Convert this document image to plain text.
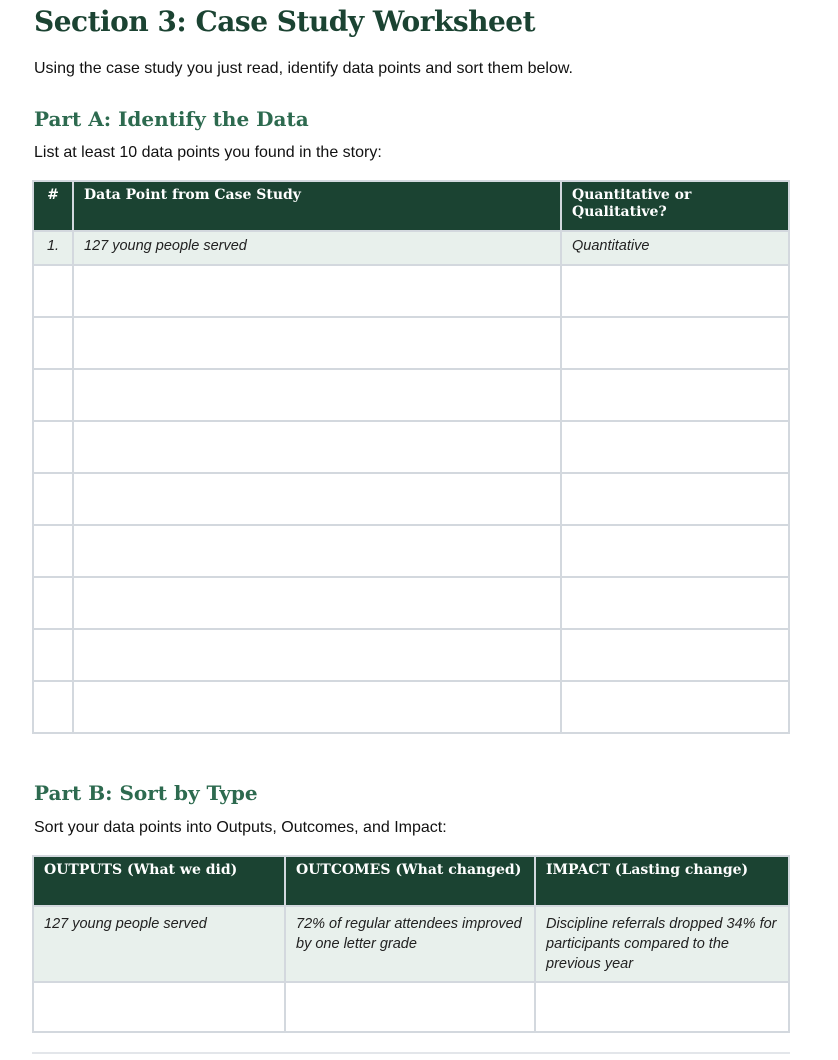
Section 3: Case Study Worksheet
Using the case study you just read, identify data points and sort them below.
Part A: Identify the Data
List at least 10 data points you found in the story:
#	Data Point from Case Study	Quantitative or Qualitative?
1.	127 young people served	Quantitative

Part B: Sort by Type
Sort your data points into Outputs, Outcomes, and Impact:
OUTPUTS (What we did)	OUTCOMES (What changed)	IMPACT (Lasting change)
127 young people served	72% of regular attendees improved by one letter grade	Discipline referrals dropped 34% for participants compared to the previous year
